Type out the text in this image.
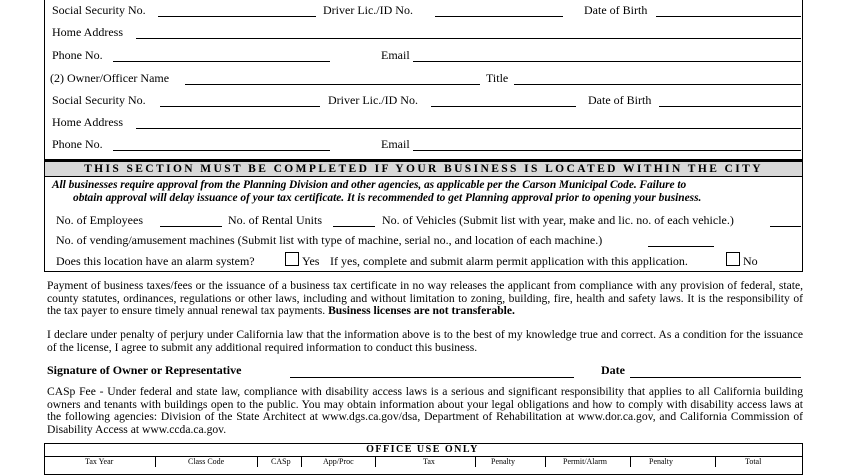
Social Security No.	Driver Lic./ID No.	Date of Birth
Home Address
Phone No.	Email
(2) Owner/Officer Name	Title
Social Security No.	Driver Lic./ID No.	Date of Birth
Home Address
Phone No.	Email
THIS SECTION MUST BE COMPLETED IF YOUR BUSINESS IS LOCATED WITHIN THE CITY
All businesses require approval from the Planning Division and other agencies, as applicable per the Carson Municipal Code. Failure to
obtain approval will delay issuance of your tax certificate. It is recommended to get Planning approval prior to opening your business.
No. of Employees	No. of Rental Units	No. of Vehicles (Submit list with year, make and lic. no. of each vehicle.)
No. of vending/amusement machines (Submit list with type of machine, serial no., and location of each machine.)
Does this location have an alarm system?	Yes If yes, complete and submit alarm permit application with this application.	No
Payment of business taxes/fees or the issuance of a business tax certificate in no way releases the applicant from compliance with any provision of federal, state, county statutes, ordinances, regulations or other laws, including and without limitation to zoning, building, fire, health and safety laws. It is the responsibility of the tax payer to ensure timely annual renewal tax payments. Business licenses are not transferable.
I declare under penalty of perjury under California law that the information above is to the best of my knowledge true and correct. As a condition for the issuance of the license, I agree to submit any additional required information to conduct this business.
Signature of Owner or Representative	Date
CASp Fee - Under federal and state law, compliance with disability access laws is a serious and significant responsibility that applies to all California building owners and tenants with buildings open to the public. You may obtain information about your legal obligations and how to comply with disability access laws at the following agencies: Division of the State Architect at www.dgs.ca.gov/dsa, Department of Rehabilitation at www.dor.ca.gov, and California Commission of Disability Access at www.ccda.ca.gov.
OFFICE USE ONLY
Tax Year	Class Code	CASp	App/Proc	Tax	Penalty	Permit/Alarm	Penalty	Total
